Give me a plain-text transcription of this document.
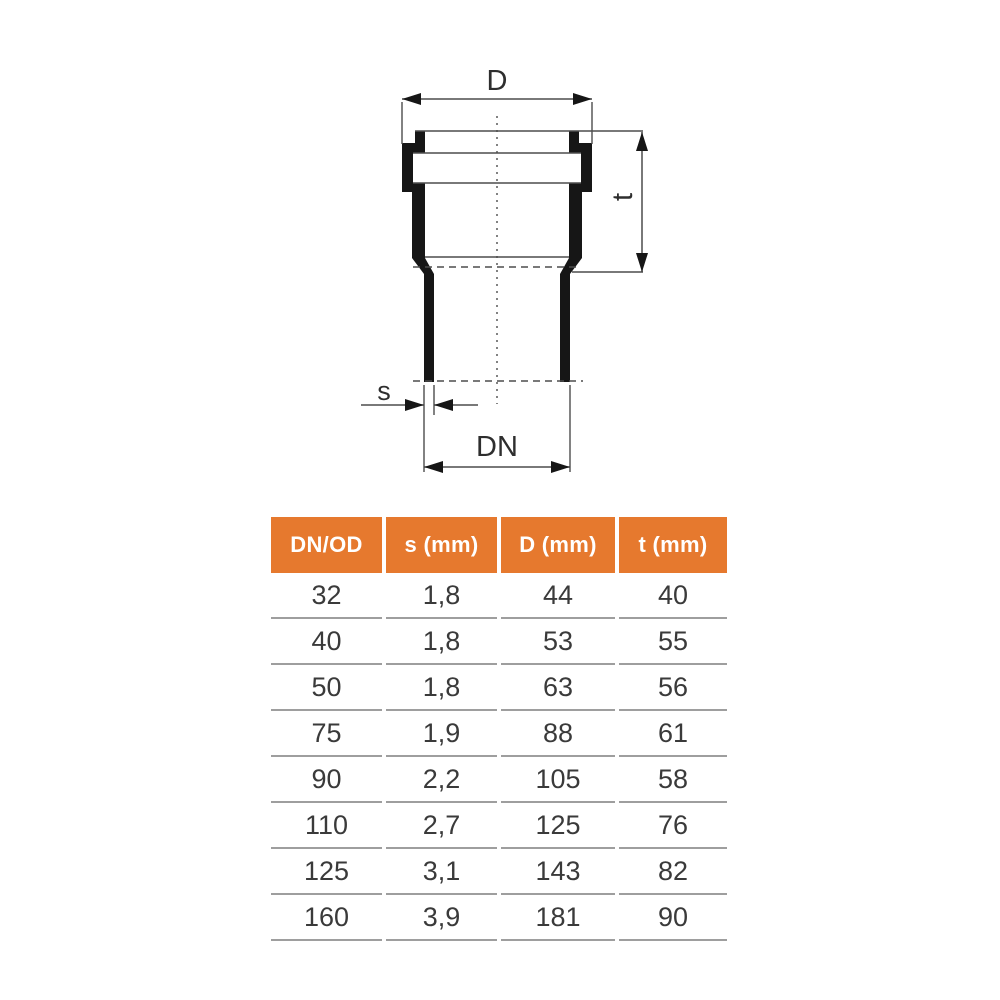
D
t
s
DN
DN/OD	s (mm)	D (mm)	t (mm)
32	1,8	44	40
40	1,8	53	55
50	1,8	63	56
75	1,9	88	61
90	2,2	105	58
110	2,7	125	76
125	3,1	143	82
160	3,9	181	90
